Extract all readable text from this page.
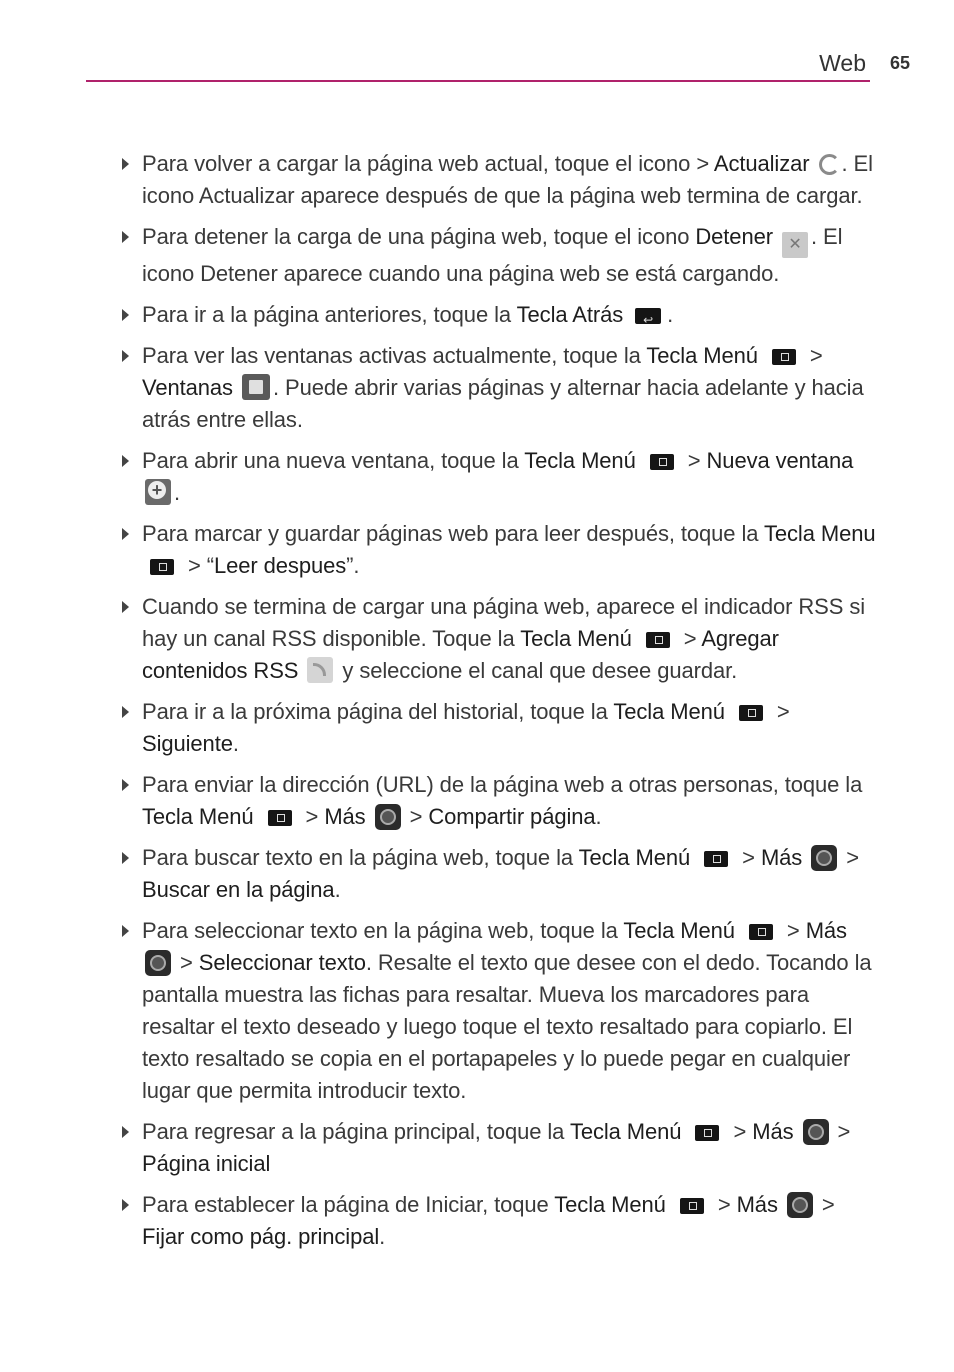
Web 65
Para volver a cargar la página web actual, toque el icono > Actualizar . El icono Actualizar aparece después de que la página web termina de cargar.
Para detener la carga de una página web, toque el icono Detener ✕ . El icono Detener aparece cuando una página web se está cargando.
Para ir a la página anteriores, toque la Tecla Atrás ↩ .
Para ver las ventanas activas actualmente, toque la Tecla Menú > Ventanas . Puede abrir varias páginas y alternar hacia adelante y hacia atrás entre ellas.
Para abrir una nueva ventana, toque la Tecla Menú > Nueva ventana +.
Para marcar y guardar páginas web para leer después, toque la Tecla Menu  > “Leer despues”.
Cuando se termina de cargar una página web, aparece el indicador RSS si hay un canal RSS disponible. Toque la Tecla Menú > Agregar contenidos RSS  y seleccione el canal que desee guardar.
Para ir a la próxima página del historial, toque la Tecla Menú > Siguiente.
Para enviar la dirección (URL) de la página web a otras personas, toque la Tecla Menú > Más > Compartir página.
Para buscar texto en la página web, toque la Tecla Menú > Más > Buscar en la página.
Para seleccionar texto en la página web, toque la Tecla Menú > Más  > Seleccionar texto. Resalte el texto que desee con el dedo. Tocando la pantalla muestra las fichas para resaltar. Mueva los marcadores para resaltar el texto deseado y luego toque el texto resaltado para copiarlo. El texto resaltado se copia en el portapapeles y lo puede pegar en cualquier lugar que permita introducir texto.
Para regresar a la página principal, toque la Tecla Menú > Más > Página inicial
Para establecer la página de Iniciar, toque Tecla Menú > Más > Fijar como pág. principal.
